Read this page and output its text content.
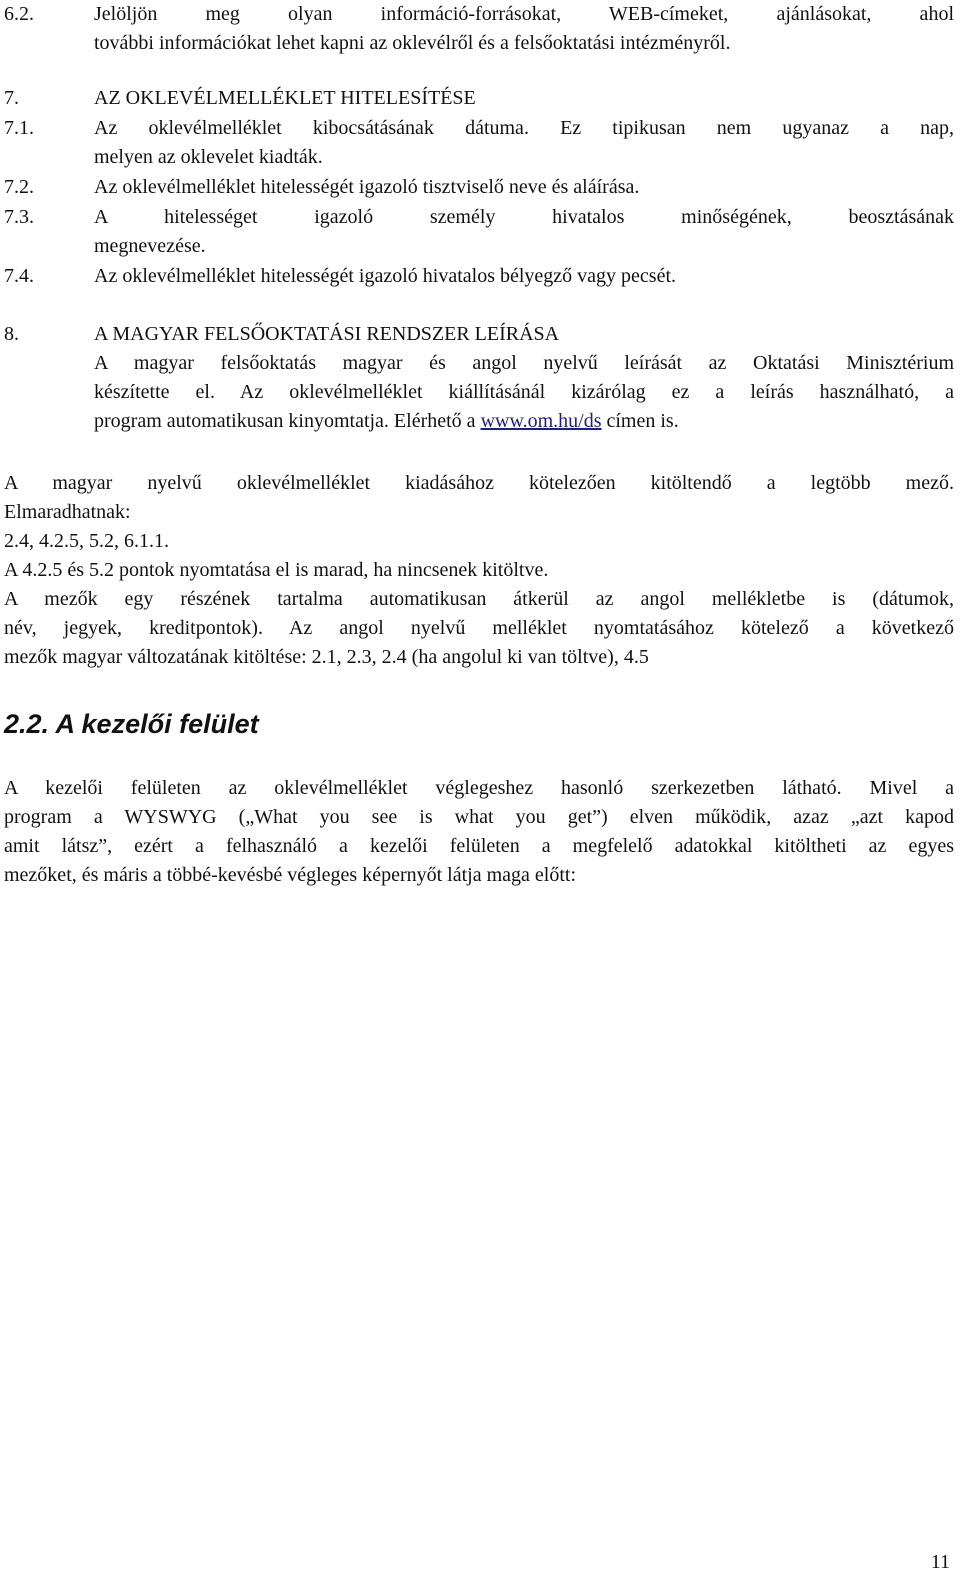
6.2.	Jelöljön meg olyan információ-forrásokat, WEB-címeket, ajánlásokat, ahol
további információkat lehet kapni az oklevélről és a felsőoktatási intézményről.
7.	AZ OKLEVÉLMELLÉKLET HITELESÍTÉSE
7.1.	Az oklevélmelléklet kibocsátásának dátuma. Ez tipikusan nem ugyanaz a nap,
melyen az oklevelet kiadták.
7.2.	Az oklevélmelléklet hitelességét igazoló tisztviselő neve és aláírása.
7.3.	A hitelességet igazoló személy hivatalos minőségének, beosztásának
megnevezése.
7.4.	Az oklevélmelléklet hitelességét igazoló hivatalos bélyegző vagy pecsét.
8.	A MAGYAR FELSŐOKTATÁSI RENDSZER LEÍRÁSA
A magyar felsőoktatás magyar és angol nyelvű leírását az Oktatási Minisztérium
készítette el. Az oklevélmelléklet kiállításánál kizárólag ez a leírás használható, a
program automatikusan kinyomtatja. Elérhető a www.om.hu/ds címen is.
A magyar nyelvű oklevélmelléklet kiadásához kötelezően kitöltendő a legtöbb mező.
Elmaradhatnak:
2.4, 4.2.5, 5.2, 6.1.1.
A 4.2.5 és 5.2 pontok nyomtatása el is marad, ha nincsenek kitöltve.
A mezők egy részének tartalma automatikusan átkerül az angol mellékletbe is (dátumok,
név, jegyek, kreditpontok). Az angol nyelvű melléklet nyomtatásához kötelező a következő
mezők magyar változatának kitöltése: 2.1, 2.3, 2.4 (ha angolul ki van töltve), 4.5
2.2. A kezelői felület
A kezelői felületen az oklevélmelléklet véglegeshez hasonló szerkezetben látható. Mivel a
program a WYSWYG („What you see is what you get”) elven működik, azaz „azt kapod
amit látsz”, ezért a felhasználó a kezelői felületen a megfelelő adatokkal kitöltheti az egyes
mezőket, és máris a többé-kevésbé végleges képernyőt látja maga előtt:
11
